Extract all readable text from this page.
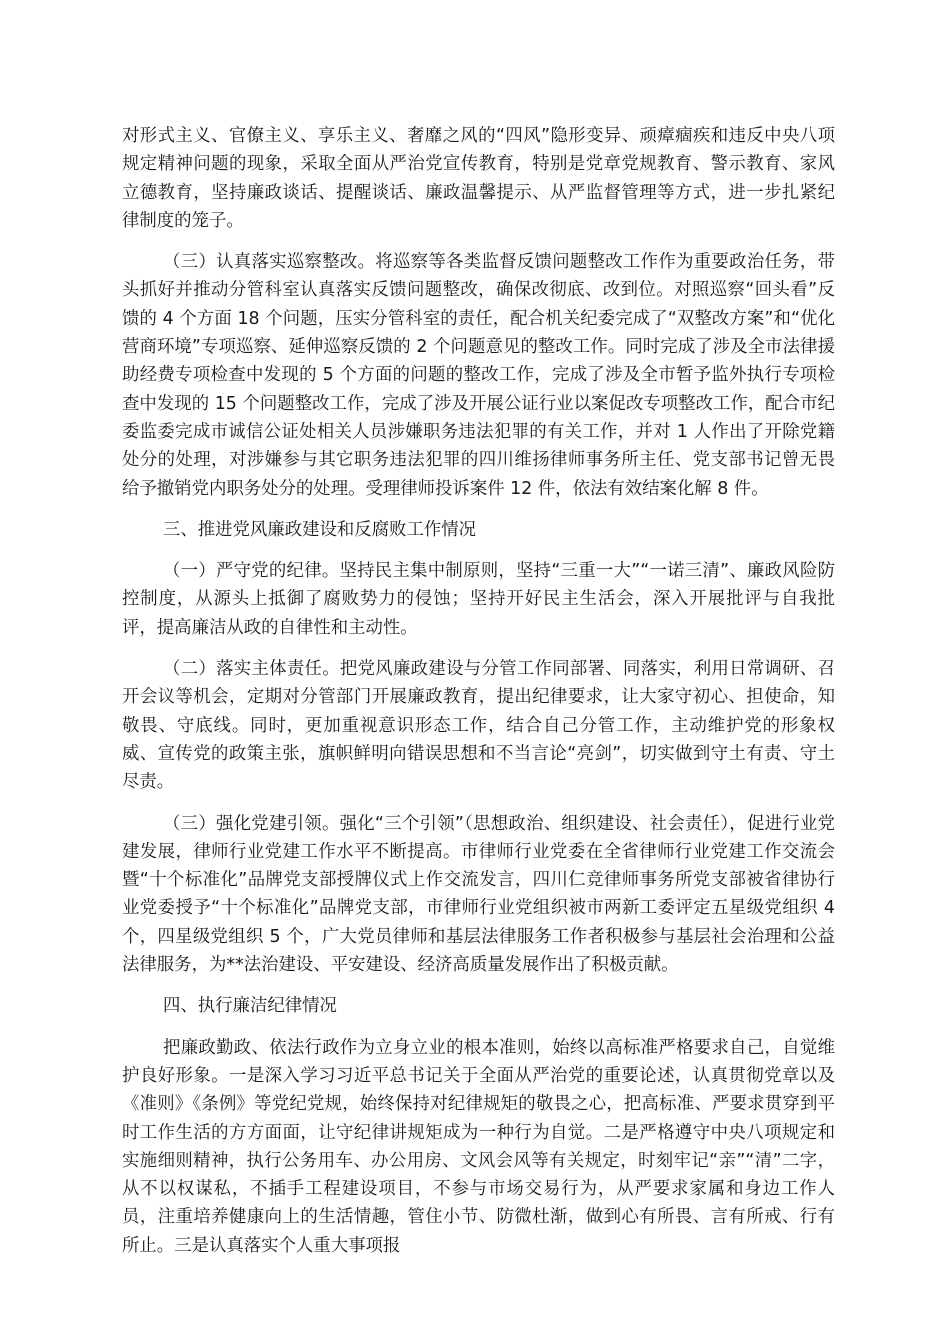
对形式主义、官僚主义、享乐主义、奢靡之风的“四风”隐形变异、顽瘴痼疾和违反中央八项规定精神问题的现象，采取全面从严治党宣传教育，特别是党章党规教育、警示教育、家风立德教育，坚持廉政谈话、提醒谈话、廉政温馨提示、从严监督管理等方式，进一步扎紧纪律制度的笼子。

（三）认真落实巡察整改。将巡察等各类监督反馈问题整改工作作为重要政治任务，带头抓好并推动分管科室认真落实反馈问题整改，确保改彻底、改到位。对照巡察“回头看”反馈的 4 个方面 18 个问题，压实分管科室的责任，配合机关纪委完成了“双整改方案”和“优化营商环境”专项巡察、延伸巡察反馈的 2 个问题意见的整改工作。同时完成了涉及全市法律援助经费专项检查中发现的 5 个方面的问题的整改工作，完成了涉及全市暂予监外执行专项检查中发现的 15 个问题整改工作，完成了涉及开展公证行业以案促改专项整改工作，配合市纪委监委完成市诚信公证处相关人员涉嫌职务违法犯罪的有关工作，并对 1 人作出了开除党籍处分的处理，对涉嫌参与其它职务违法犯罪的四川维扬律师事务所主任、党支部书记曾无畏给予撤销党内职务处分的处理。受理律师投诉案件 12 件，依法有效结案化解 8 件。

三、推进党风廉政建设和反腐败工作情况

（一）严守党的纪律。坚持民主集中制原则，坚持“三重一大”“一诺三清”、廉政风险防控制度，从源头上抵御了腐败势力的侵蚀；坚持开好民主生活会，深入开展批评与自我批评，提高廉洁从政的自律性和主动性。

（二）落实主体责任。把党风廉政建设与分管工作同部署、同落实，利用日常调研、召开会议等机会，定期对分管部门开展廉政教育，提出纪律要求，让大家守初心、担使命，知敬畏、守底线。同时，更加重视意识形态工作，结合自己分管工作，主动维护党的形象权威、宣传党的政策主张，旗帜鲜明向错误思想和不当言论“亮剑”，切实做到守土有责、守土尽责。

（三）强化党建引领。强化“三个引领”（思想政治、组织建设、社会责任），促进行业党建发展，律师行业党建工作水平不断提高。市律师行业党委在全省律师行业党建工作交流会暨“十个标准化”品牌党支部授牌仪式上作交流发言，四川仁竞律师事务所党支部被省律协行业党委授予“十个标准化”品牌党支部，市律师行业党组织被市两新工委评定五星级党组织 4 个，四星级党组织 5 个，广大党员律师和基层法律服务工作者积极参与基层社会治理和公益法律服务，为**法治建设、平安建设、经济高质量发展作出了积极贡献。

四、执行廉洁纪律情况

把廉政勤政、依法行政作为立身立业的根本准则，始终以高标准严格要求自己，自觉维护良好形象。一是深入学习习近平总书记关于全面从严治党的重要论述，认真贯彻党章以及《准则》《条例》等党纪党规，始终保持对纪律规矩的敬畏之心，把高标准、严要求贯穿到平时工作生活的方方面面，让守纪律讲规矩成为一种行为自觉。二是严格遵守中央八项规定和实施细则精神，执行公务用车、办公用房、文风会风等有关规定，时刻牢记“亲”“清”二字，从不以权谋私，不插手工程建设项目，不参与市场交易行为，从严要求家属和身边工作人员，注重培养健康向上的生活情趣，管住小节、防微杜渐，做到心有所畏、言有所戒、行有所止。三是认真落实个人重大事项报
